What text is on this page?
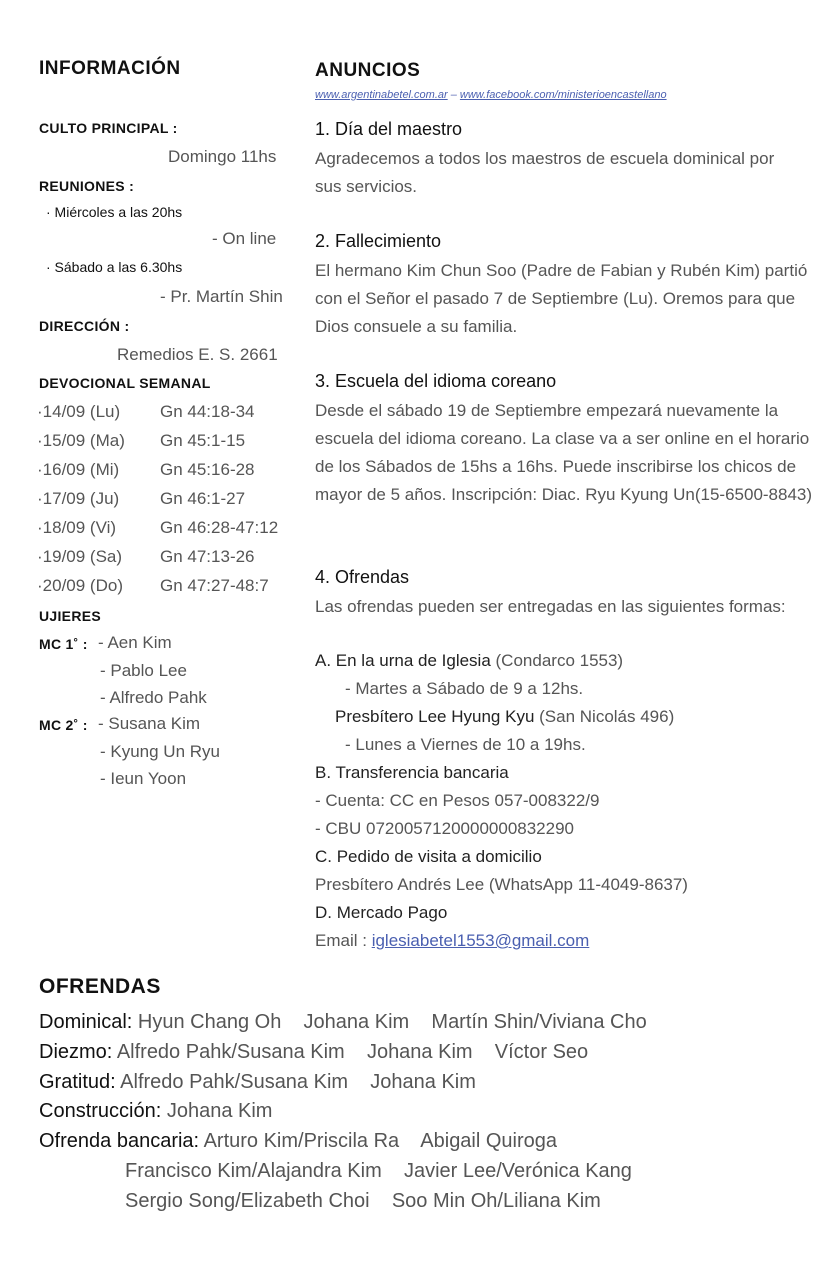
INFORMACIÓN
CULTO PRINCIPAL :
Domingo 11hs
REUNIONES :
· Miércoles a las 20hs
- On line
· Sábado a las 6.30hs
- Pr. Martín Shin
DIRECCIÓN :
Remedios E. S. 2661
DEVOCIONAL SEMANAL
·14/09 (Lu) Gn 44:18-34
·15/09 (Ma) Gn 45:1-15
·16/09 (Mi) Gn 45:16-28
·17/09 (Ju) Gn 46:1-27
·18/09 (Vi)	Gn 46:28-47:12
·19/09 (Sa) Gn 47:13-26
·20/09 (Do) Gn 47:27-48:7
UJIERES
MC 1˚ : - Aen Kim
- Pablo Lee
- Alfredo Pahk
MC 2˚ : - Susana Kim
- Kyung Un Ryu
- Ieun Yoon
ANUNCIOS
www.argentinabetel.com.ar – www.facebook.com/ministerioencastellano
1. Día del maestro
Agradecemos a todos los maestros de escuela dominical por sus servicios.
2. Fallecimiento
El hermano Kim Chun Soo (Padre de Fabian y Rubén Kim) partió con el Señor el pasado 7 de Septiembre (Lu). Oremos para que Dios consuele a su familia.
3. Escuela del idioma coreano
Desde el sábado 19 de Septiembre empezará nuevamente la escuela del idioma coreano. La clase va a ser online en el horario de los Sábados de 15hs a 16hs. Puede inscribirse los chicos de mayor de 5 años. Inscripción: Diac. Ryu Kyung Un(15-6500-8843)
4. Ofrendas
Las ofrendas pueden ser entregadas en las siguientes formas:
A. En la urna de Iglesia (Condarco 1553)
- Martes a Sábado de 9 a 12hs.
Presbítero Lee Hyung Kyu (San Nicolás 496)
- Lunes a Viernes de 10 a 19hs.
B. Transferencia bancaria
- Cuenta: CC en Pesos 057-008322/9
- CBU 0720057120000000832290
C. Pedido de visita a domicilio
Presbítero Andrés Lee (WhatsApp 11-4049-8637)
D. Mercado Pago
Email : iglesiabetel1553@gmail.com
OFRENDAS
Dominical: Hyun Chang Oh    Johana Kim    Martín Shin/Viviana Cho
Diezmo: Alfredo Pahk/Susana Kim    Johana Kim    Víctor Seo
Gratitud: Alfredo Pahk/Susana Kim    Johana Kim
Construcción: Johana Kim
Ofrenda bancaria: Arturo Kim/Priscila Ra    Abigail Quiroga
Francisco Kim/Alajandra Kim    Javier Lee/Verónica Kang
Sergio Song/Elizabeth Choi    Soo Min Oh/Liliana Kim
